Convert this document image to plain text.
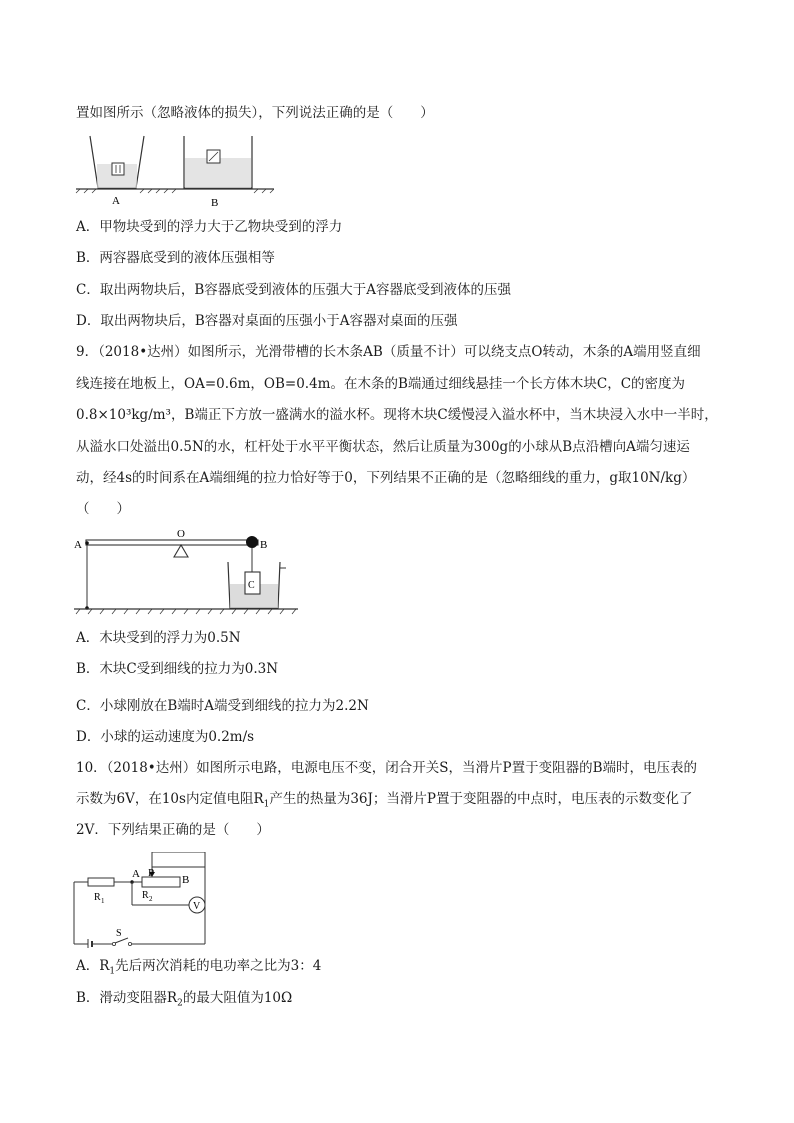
置如图所示（忽略液体的损失），下列说法正确的是（　　）
A	B
A．甲物块受到的浮力大于乙物块受到的浮力
B．两容器底受到的液体压强相等
C．取出两物块后，B容器底受到液体的压强大于A容器底受到液体的压强
D．取出两物块后，B容器对桌面的压强小于A容器对桌面的压强
9．（2018•达州）如图所示，光滑带槽的长木条AB（质量不计）可以绕支点O转动，木条的A端用竖直细
线连接在地板上，OA=0.6m，OB=0.4m。在木条的B端通过细线悬挂一个长方体木块C，C的密度为
0.8×10³kg/m³，B端正下方放一盛满水的溢水杯。现将木块C缓慢浸入溢水杯中，当木块浸入水中一半时，
从溢水口处溢出0.5N的水，杠杆处于水平平衡状态，然后让质量为300g的小球从B点沿槽向A端匀速运
动，经4s的时间系在A端细绳的拉力恰好等于0，下列结果不正确的是（忽略细线的重力，g取10N/kg）
（　　）
A
O
B
C
A．木块受到的浮力为0.5N
B．木块C受到细线的拉力为0.3N
C．小球刚放在B端时A端受到细线的拉力为2.2N
D．小球的运动速度为0.2m/s
10．（2018•达州）如图所示电路，电源电压不变，闭合开关S，当滑片P置于变阻器的B端时，电压表的
示数为6V，在10s内定值电阻$R_1$产生的热量为36J；当滑片P置于变阻器的中点时，电压表的示数变化了
2V．下列结果正确的是（　　）
A P
B
R 1	R 2
V
S
A．$R_1$先后两次消耗的电功率之比为3：4
B．滑动变阻器$R_2$的最大阻值为10Ω
